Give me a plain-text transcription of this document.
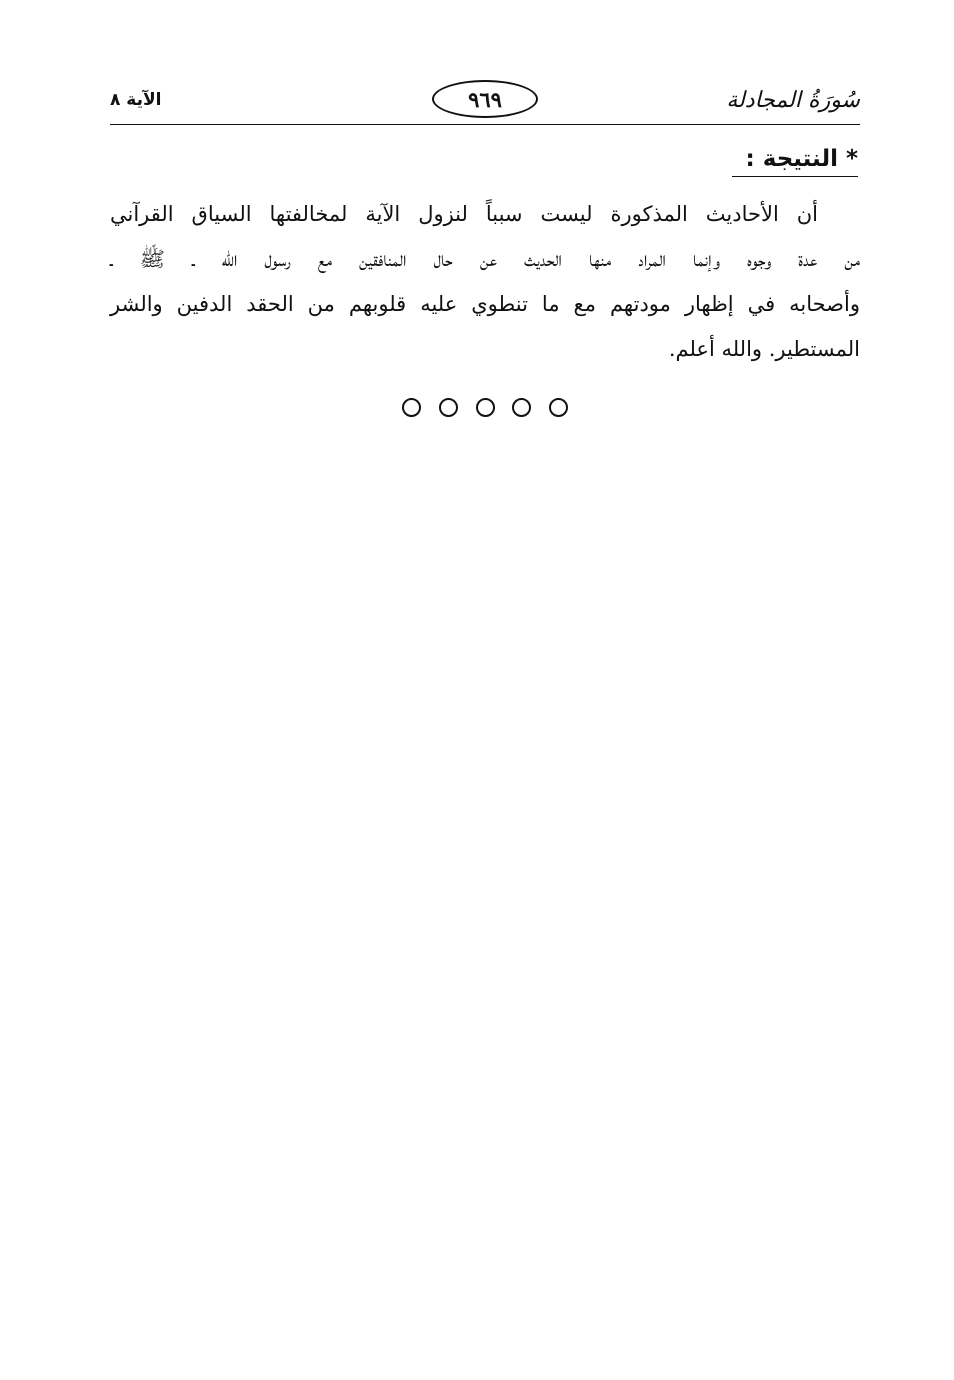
سُورَةُ المجادلة
٩٦٩
الآية ٨
*النتيجة :
أن الأحاديث المذكورة ليست سبباً لنزول الآية لمخالفتها السياق القرآني
من عدة وجوه وإنما المراد منها الحديث عن حال المنافقين مع رسول الله ـ ﷺ ـ
وأصحابه في إظهار مودتهم مع ما تنطوي عليه قلوبهم من الحقد الدفين والشر
المستطير. والله أعلم.
